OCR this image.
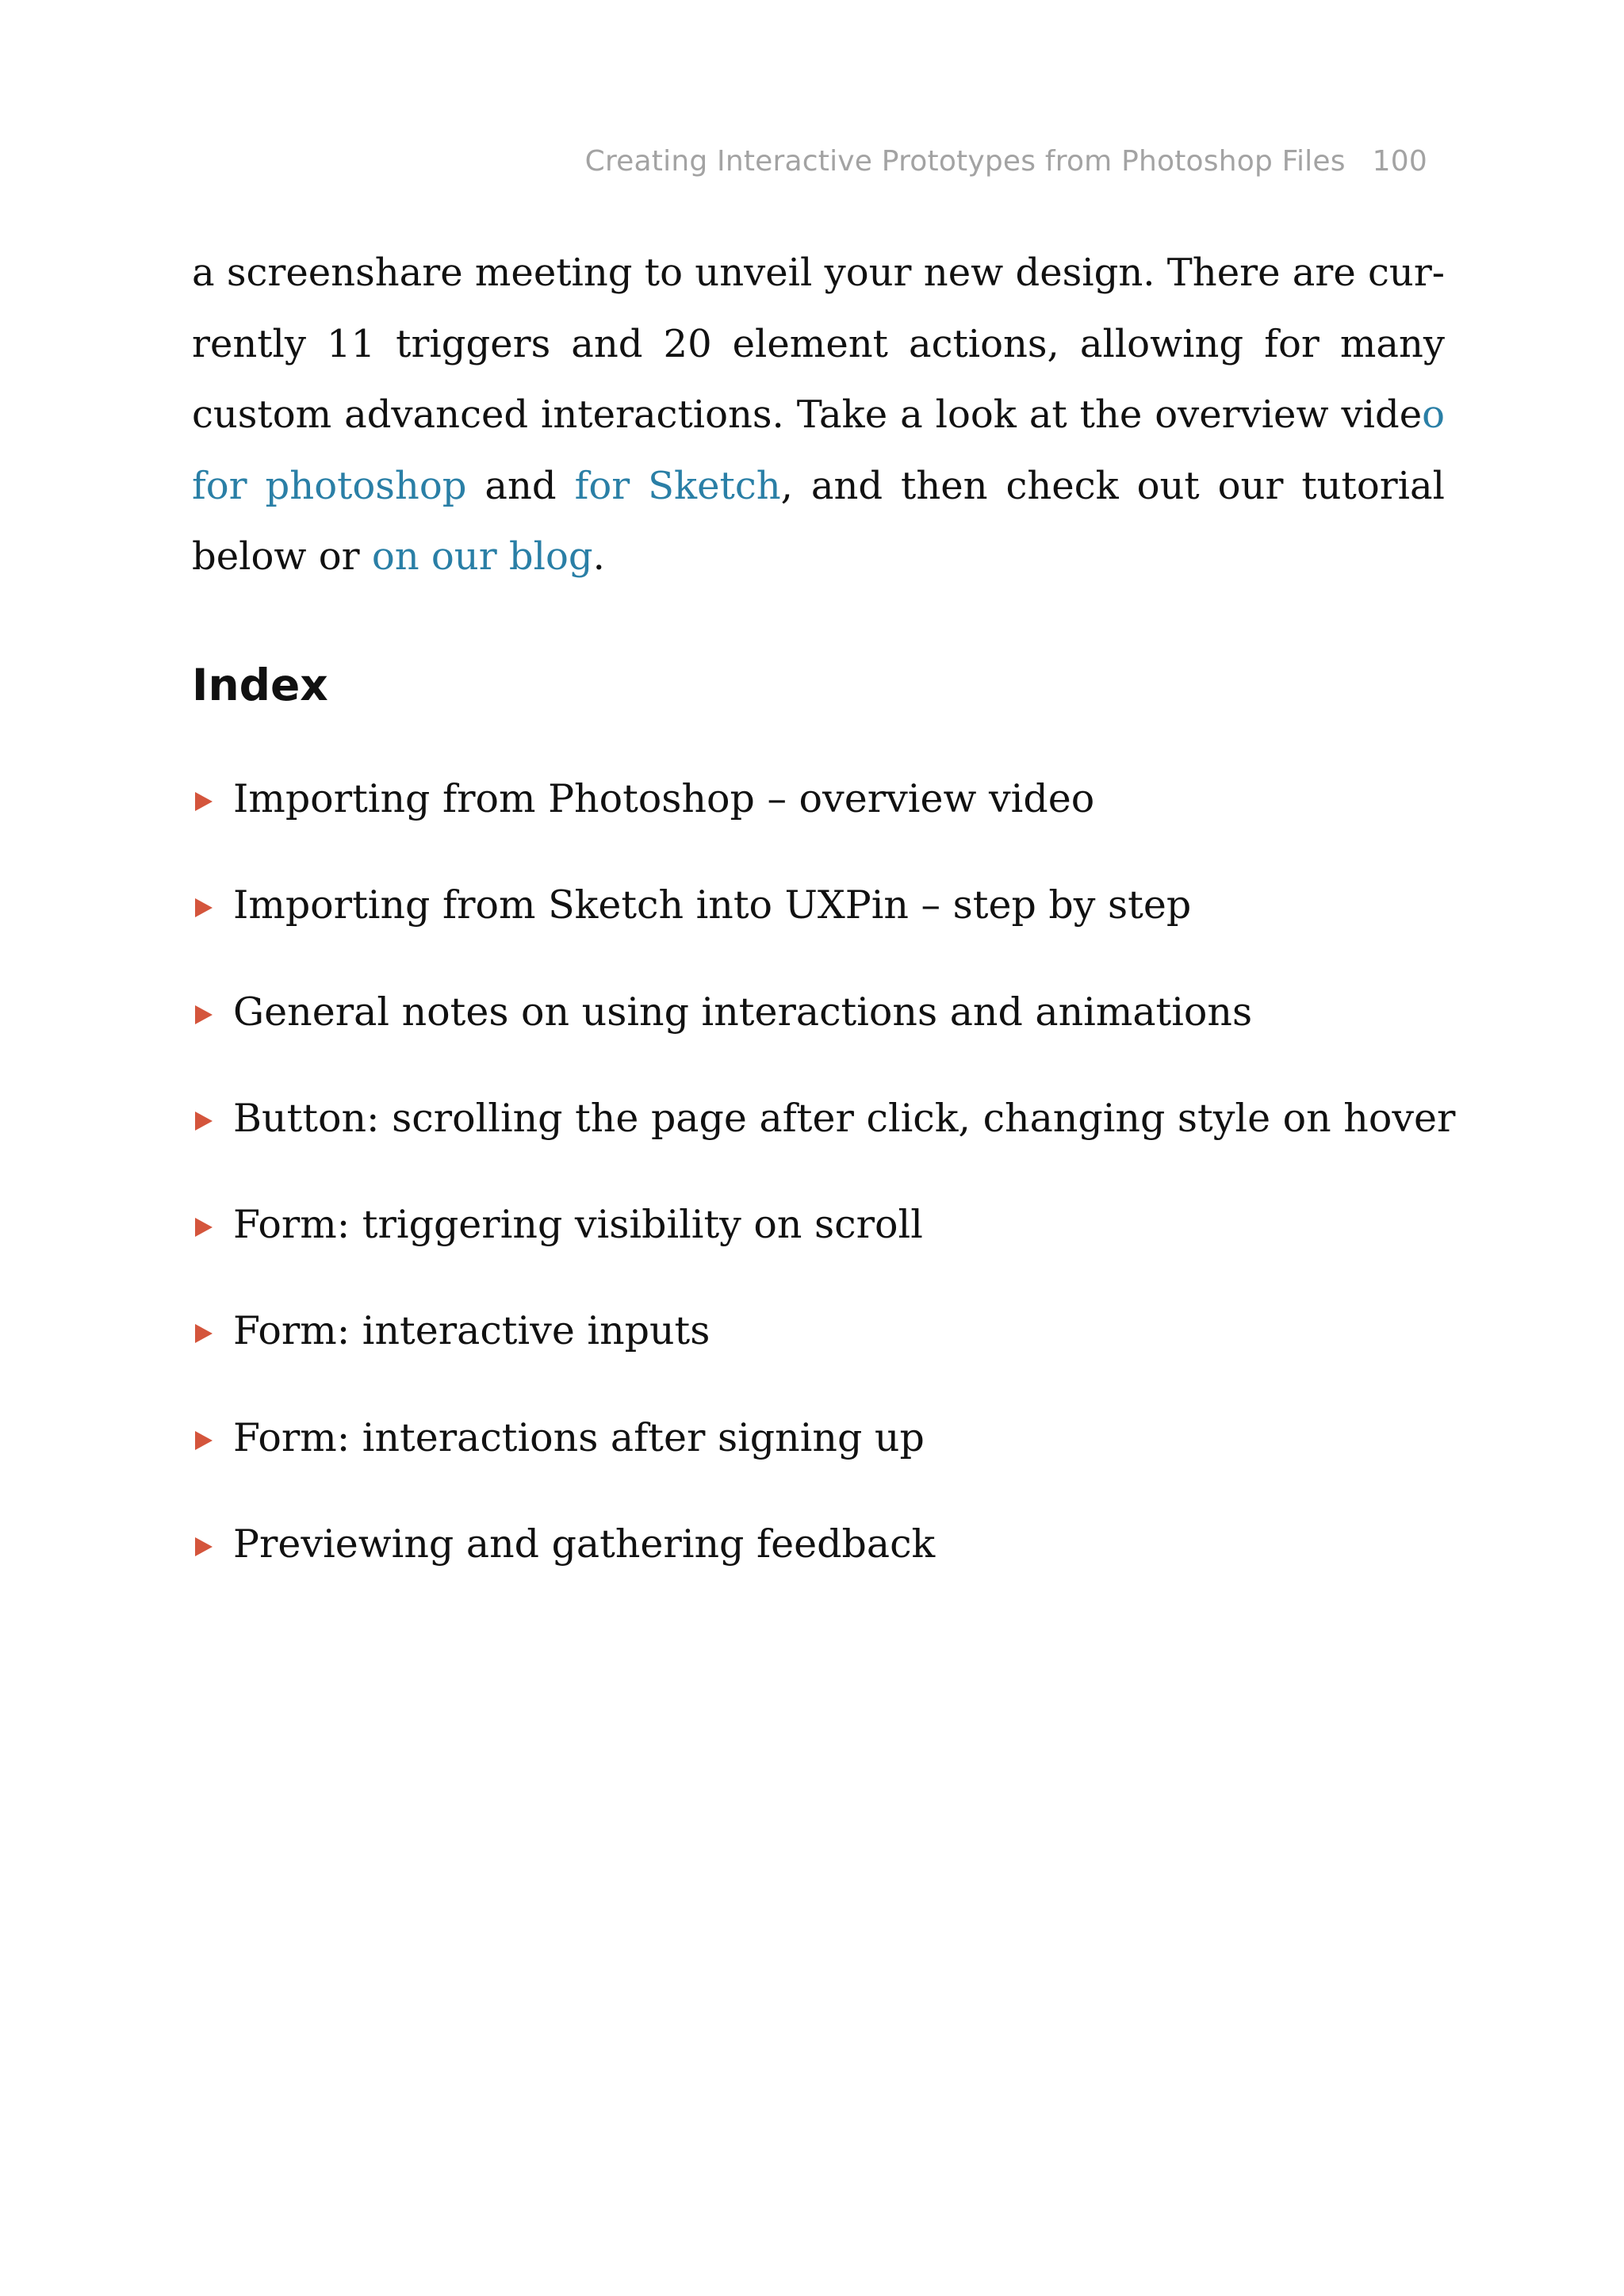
Creating Interactive Prototypes from Photoshop Files 100

a screenshare meeting to unveil your new design. There are currently 11 triggers and 20 element actions, allowing for many custom advanced interactions. Take a look at the overview video for photoshop and for Sketch, and then check out our tutorial below or on our blog.

Index
Importing from Photoshop – overview video
Importing from Sketch into UXPin – step by step
General notes on using interactions and animations
Button: scrolling the page after click, changing style on hover
Form: triggering visibility on scroll
Form: interactive inputs
Form: interactions after signing up
Previewing and gathering feedback
